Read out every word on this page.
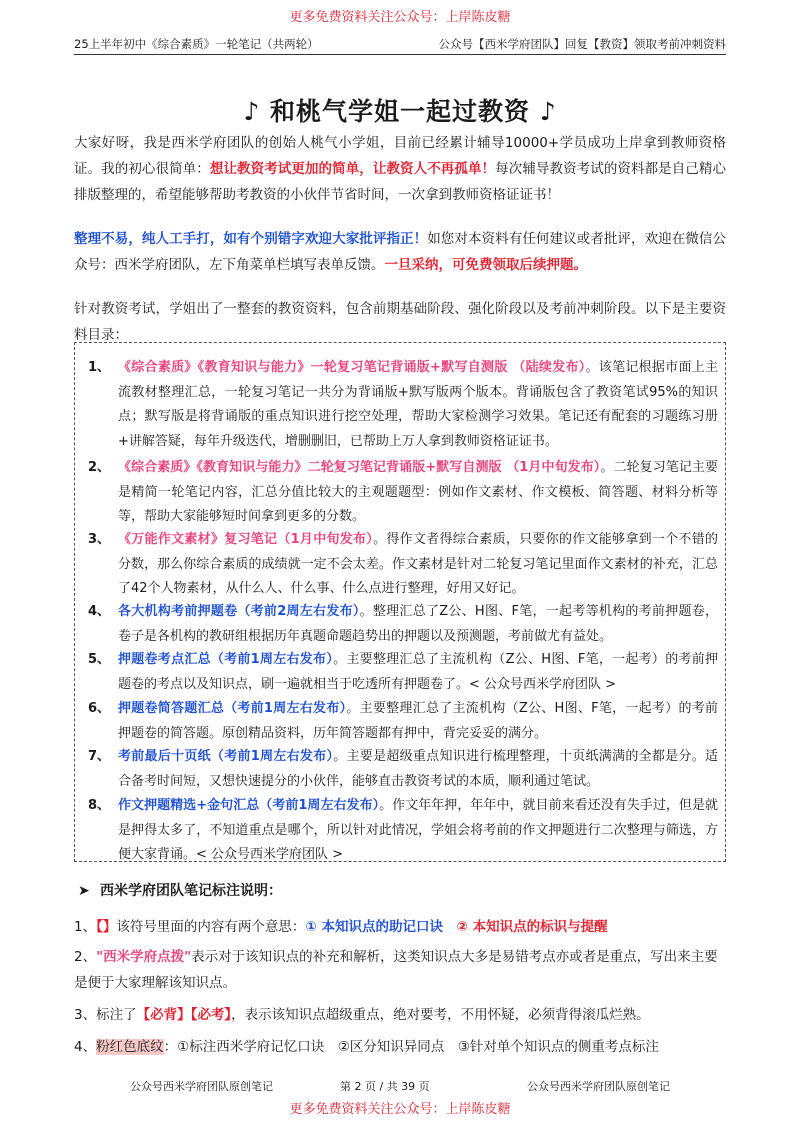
更多免费资料关注公众号：上岸陈皮糖
25上半年初中《综合素质》一轮笔记（共两轮）	公众号【西米学府团队】回复【教资】领取考前冲刺资料
♪ 和桃气学姐一起过教资 ♪
大家好呀，我是西米学府团队的创始人桃气小学姐，目前已经累计辅导10000+学员成功上岸拿到教师资格证。我的初心很简单：想让教资考试更加的简单，让教资人不再孤单！每次辅导教资考试的资料都是自己精心排版整理的，希望能够帮助考教资的小伙伴节省时间，一次拿到教师资格证证书！
整理不易，纯人工手打，如有个别错字欢迎大家批评指正！如您对本资料有任何建议或者批评，欢迎在微信公众号：西米学府团队，左下角菜单栏填写表单反馈。一旦采纳，可免费领取后续押题。
针对教资考试，学姐出了一整套的教资资料，包含前期基础阶段、强化阶段以及考前冲刺阶段。以下是主要资料目录：
1、 《综合素质》《教育知识与能力》一轮复习笔记背诵版+默写自测版 （陆续发布）。该笔记根据市面上主流教材整理汇总，一轮复习笔记一共分为背诵版+默写版两个版本。背诵版包含了教资笔试95%的知识点；默写版是将背诵版的重点知识进行挖空处理，帮助大家检测学习效果。笔记还有配套的习题练习册+讲解答疑，每年升级迭代，增删删旧，已帮助上万人拿到教师资格证证书。
2、 《综合素质》《教育知识与能力》二轮复习笔记背诵版+默写自测版 （1月中旬发布）。二轮复习笔记主要是精简一轮笔记内容，汇总分值比较大的主观题题型：例如作文素材、作文模板、简答题、材料分析等等，帮助大家能够短时间拿到更多的分数。
3、 《万能作文素材》复习笔记（1月中旬发布）。得作文者得综合素质，只要你的作文能够拿到一个不错的分数，那么你综合素质的成绩就一定不会太差。作文素材是针对二轮复习笔记里面作文素材的补充，汇总了42个人物素材，从什么人、什么事、什么点进行整理，好用又好记。
4、 各大机构考前押题卷（考前2周左右发布）。整理汇总了Z公、H图、F笔，一起考等机构的考前押题卷，卷子是各机构的教研组根据历年真题命题趋势出的押题以及预测题，考前做尤有益处。
5、 押题卷考点汇总（考前1周左右发布）。主要整理汇总了主流机构（Z公、H图、F笔，一起考）的考前押题卷的考点以及知识点，刷一遍就相当于吃透所有押题卷了。< 公众号西米学府团队 >
6、 押题卷简答题汇总（考前1周左右发布）。主要整理汇总了主流机构（Z公、H图、F笔，一起考）的考前押题卷的简答题。原创精品资料，历年简答题都有押中，背完妥妥的满分。
7、 考前最后十页纸（考前1周左右发布）。主要是超级重点知识进行梳理整理，十页纸满满的全都是分。适合备考时间短，又想快速提分的小伙伴，能够直击教资考试的本质，顺利通过笔试。
8、 作文押题精选+金句汇总（考前1周左右发布）。作文年年押，年年中，就目前来看还没有失手过，但是就是押得太多了，不知道重点是哪个，所以针对此情况，学姐会将考前的作文押题进行二次整理与筛选，方便大家背诵。< 公众号西米学府团队 >
➤ 西米学府团队笔记标注说明：
1、【】该符号里面的内容有两个意思：① 本知识点的助记口诀　 ② 本知识点的标识与提醒
2、"西米学府点拨"表示对于该知识点的补充和解析，这类知识点大多是易错考点亦或者是重点，写出来主要是便于大家理解该知识点。
3、标注了【必背】【必考】，表示该知识点超级重点，绝对要考，不用怀疑，必须背得滚瓜烂熟。
4、粉红色底纹：①标注西米学府记忆口诀　②区分知识异同点　③针对单个知识点的侧重考点标注
公众号西米学府团队原创笔记	第 2 页 / 共 39 页	公众号西米学府团队原创笔记
更多免费资料关注公众号：上岸陈皮糖
